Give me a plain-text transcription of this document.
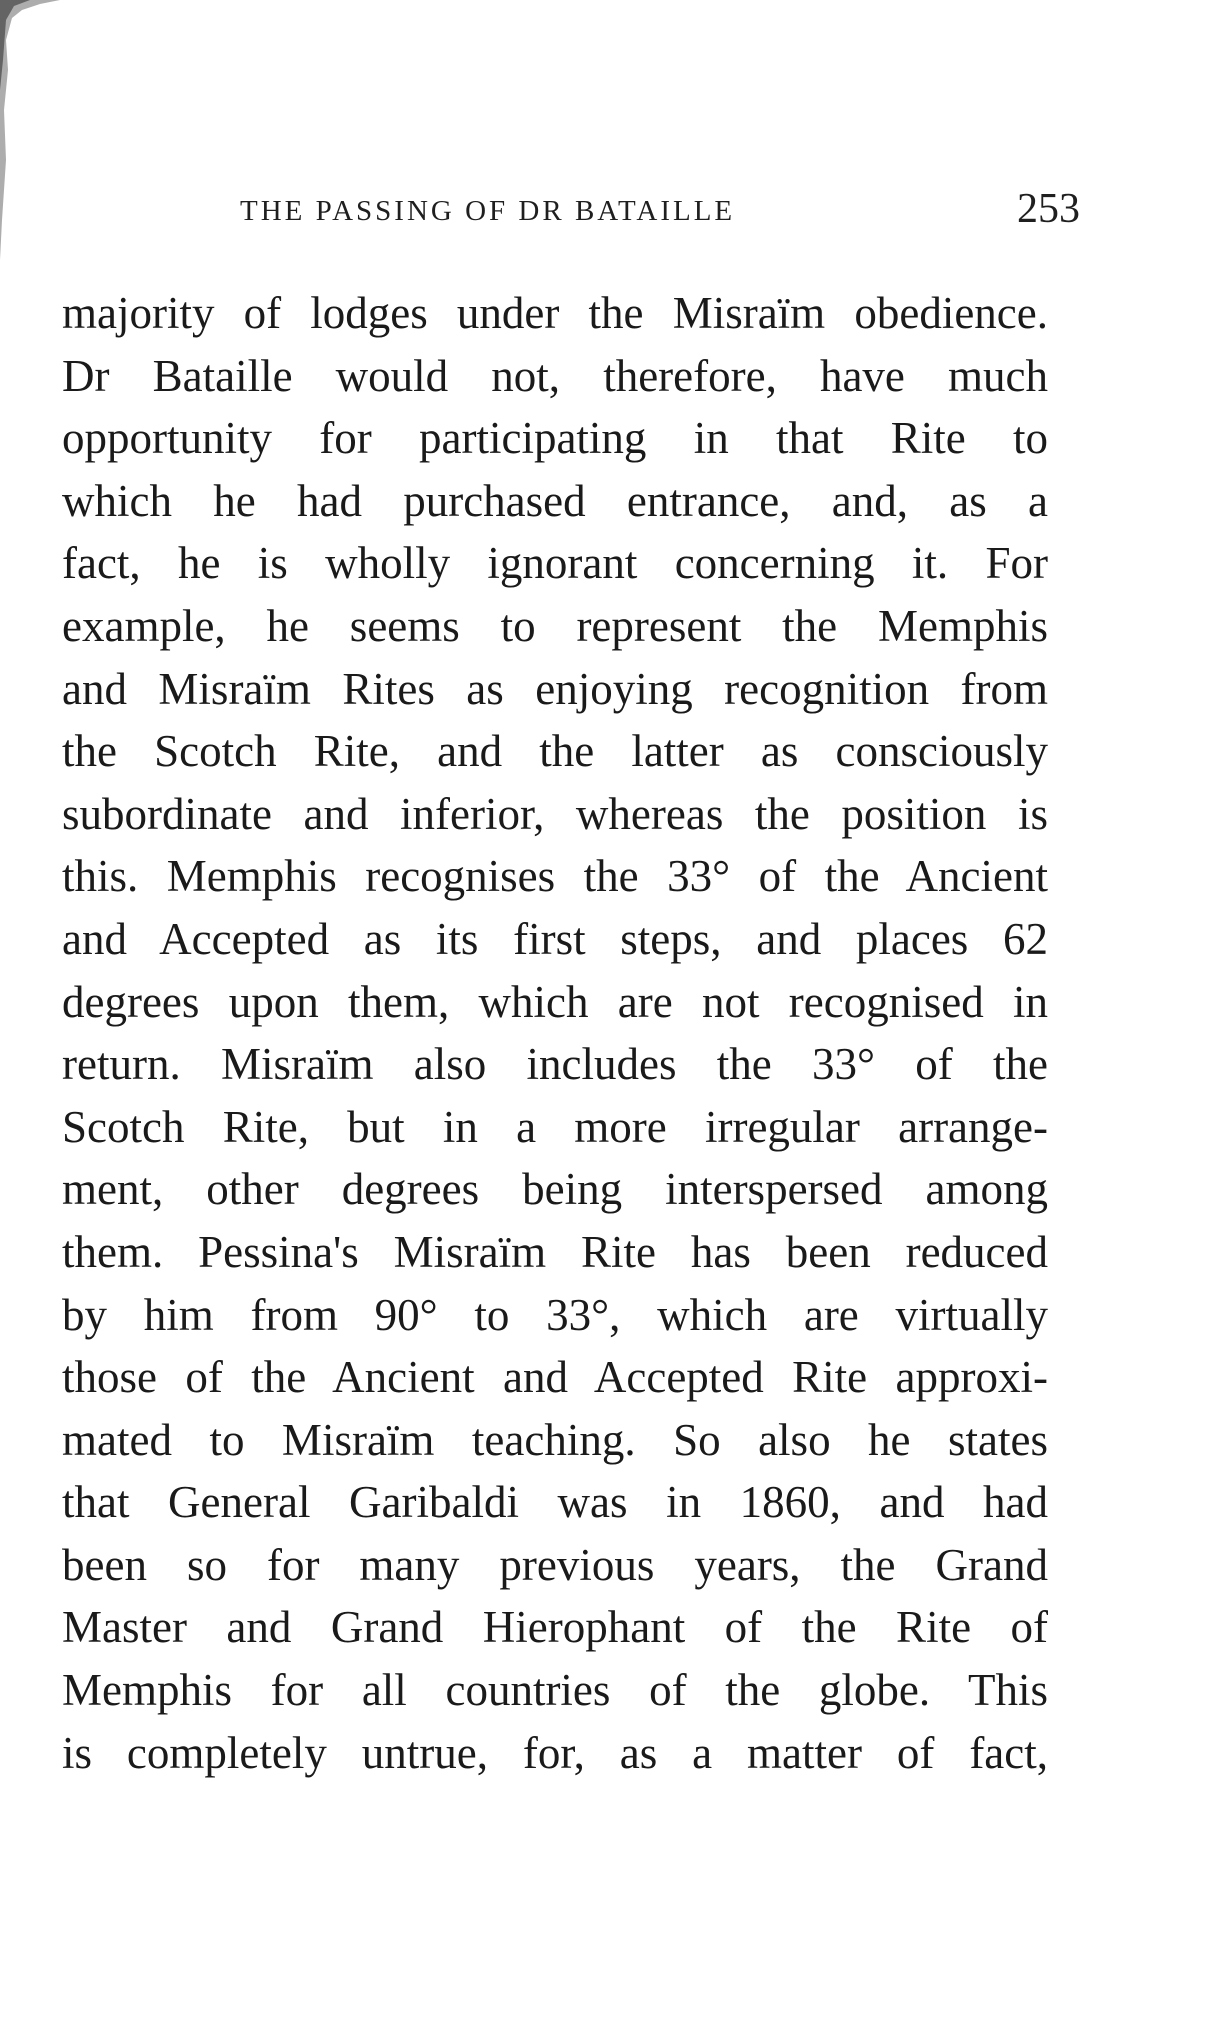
THE PASSING OF DR BATAILLE	253
majority of lodges under the Misraïm obedience.
Dr Bataille would not, therefore, have much
opportunity for participating in that Rite to
which he had purchased entrance, and, as a
fact, he is wholly ignorant concerning it. For
example, he seems to represent the Memphis
and Misraïm Rites as enjoying recognition from
the Scotch Rite, and the latter as consciously
subordinate and inferior, whereas the position is
this. Memphis recognises the 33° of the Ancient
and Accepted as its first steps, and places 62
degrees upon them, which are not recognised in
return. Misraïm also includes the 33° of the
Scotch Rite, but in a more irregular arrange-
ment, other degrees being interspersed among
them. Pessina's Misraïm Rite has been reduced
by him from 90° to 33°, which are virtually
those of the Ancient and Accepted Rite approxi-
mated to Misraïm teaching. So also he states
that General Garibaldi was in 1860, and had
been so for many previous years, the Grand
Master and Grand Hierophant of the Rite of
Memphis for all countries of the globe. This
is completely untrue, for, as a matter of fact,
